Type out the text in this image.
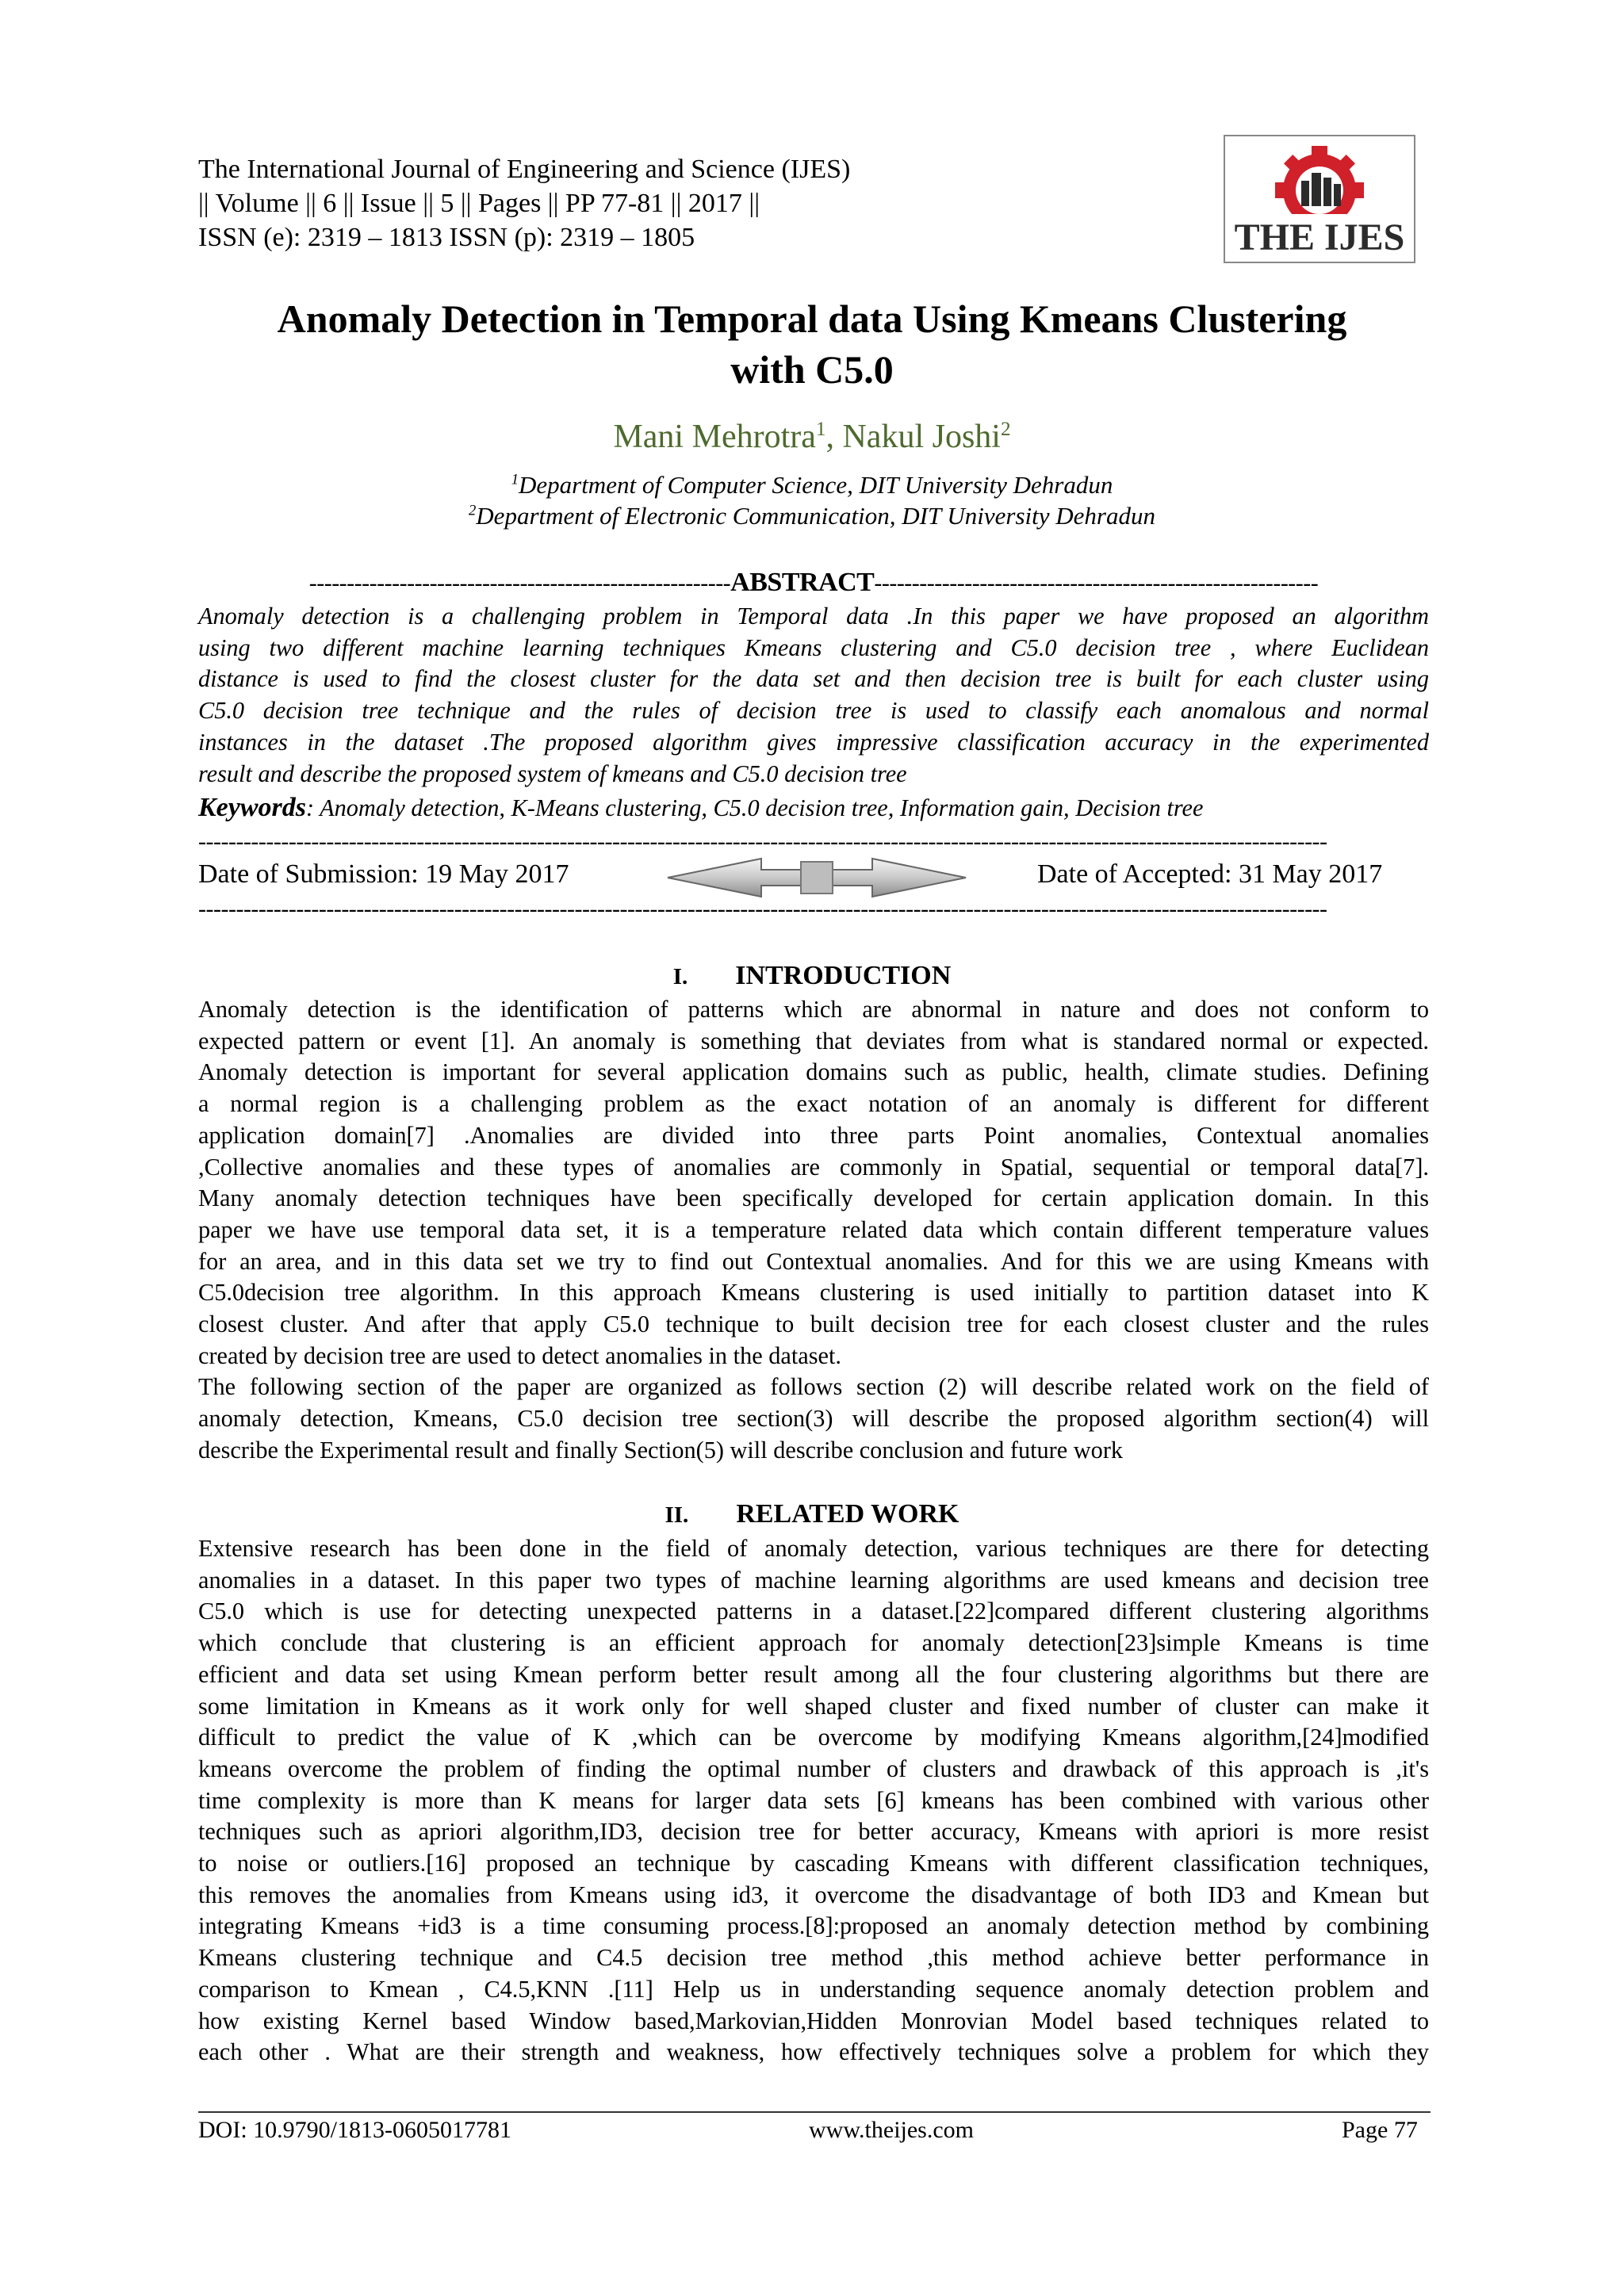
The International Journal of Engineering and Science (IJES)
|| Volume || 6 || Issue || 5 || Pages || PP 77-81 || 2017 ||
ISSN (e): 2319 – 1813 ISSN (p): 2319 – 1805	THE IJES
Anomaly Detection in Temporal data Using Kmeans Clustering
with C5.0
Mani Mehrotra$^1$, Nakul Joshi$^2$
$^1$Department of Computer Science, DIT University Dehradun
$^2$Department of Electronic Communication, DIT University Dehradun
--------------------------------------------------------ABSTRACT-----------------------------------------------------------

Anomaly detection is a challenging problem in Temporal data .In this paper we have proposed an algorithm

using two different machine learning techniques Kmeans clustering and C5.0 decision tree , where Euclidean

distance is used to find the closest cluster for the data set and then decision tree is built for each cluster using

C5.0 decision tree technique and the rules of decision tree is used to classify each anomalous and normal

instances in the dataset .The proposed algorithm gives impressive classification accuracy in the experimented

result and describe the proposed system of kmeans and C5.0 decision tree

Keywords: Anomaly detection, K-Means clustering, C5.0 decision tree, Information gain, Decision tree
------------------------------------------------------------------------------------------------------------------------------------------------------
Date of Submission: 19 May 2017	Date of Accepted: 31 May 2017
------------------------------------------------------------------------------------------------------------------------------------------------------
I. INTRODUCTION

Anomaly detection is the identification of patterns which are abnormal in nature and does not conform to

expected pattern or event [1]. An anomaly is something that deviates from what is standared normal or expected.

Anomaly detection is important for several application domains such as public, health, climate studies. Defining

a normal region is a challenging problem as the exact notation of an anomaly is different for different

application domain[7] .Anomalies are divided into three parts Point anomalies, Contextual anomalies

,Collective anomalies and these types of anomalies are commonly in Spatial, sequential or temporal data[7].

Many anomaly detection techniques have been specifically developed for certain application domain. In this

paper we have use temporal data set, it is a temperature related data which contain different temperature values

for an area, and in this data set we try to find out Contextual anomalies. And for this we are using Kmeans with

C5.0decision tree algorithm. In this approach Kmeans clustering is used initially to partition dataset into K

closest cluster. And after that apply C5.0 technique to built decision tree for each closest cluster and the rules

created by decision tree are used to detect anomalies in the dataset.

The following section of the paper are organized as follows section (2) will describe related work on the field of

anomaly detection, Kmeans, C5.0 decision tree section(3) will describe the proposed algorithm section(4) will

describe the Experimental result and finally Section(5) will describe conclusion and future work

II. RELATED WORK

Extensive research has been done in the field of anomaly detection, various techniques are there for detecting

anomalies in a dataset. In this paper two types of machine learning algorithms are used kmeans and decision tree

C5.0 which is use for detecting unexpected patterns in a dataset.[22]compared different clustering algorithms

which conclude that clustering is an efficient approach for anomaly detection[23]simple Kmeans is time

efficient and data set using Kmean perform better result among all the four clustering algorithms but there are

some limitation in Kmeans as it work only for well shaped cluster and fixed number of cluster can make it

difficult to predict the value of K ,which can be overcome by modifying Kmeans algorithm,[24]modified

kmeans overcome the problem of finding the optimal number of clusters and drawback of this approach is ,it's

time complexity is more than K means for larger data sets [6] kmeans has been combined with various other

techniques such as apriori algorithm,ID3, decision tree for better accuracy, Kmeans with apriori is more resist

to noise or outliers.[16] proposed an technique by cascading Kmeans with different classification techniques,

this removes the anomalies from Kmeans using id3, it overcome the disadvantage of both ID3 and Kmean but

integrating Kmeans +id3 is a time consuming process.[8]:proposed an anomaly detection method by combining

Kmeans clustering technique and C4.5 decision tree method ,this method achieve better performance in

comparison to Kmean , C4.5,KNN .[11] Help us in understanding sequence anomaly detection problem and

how existing Kernel based Window based,Markovian,Hidden Monrovian Model based techniques related to

each other . What are their strength and weakness, how effectively techniques solve a problem for which they

DOI: 10.9790/1813-0605017781	www.theijes.com	Page 77
